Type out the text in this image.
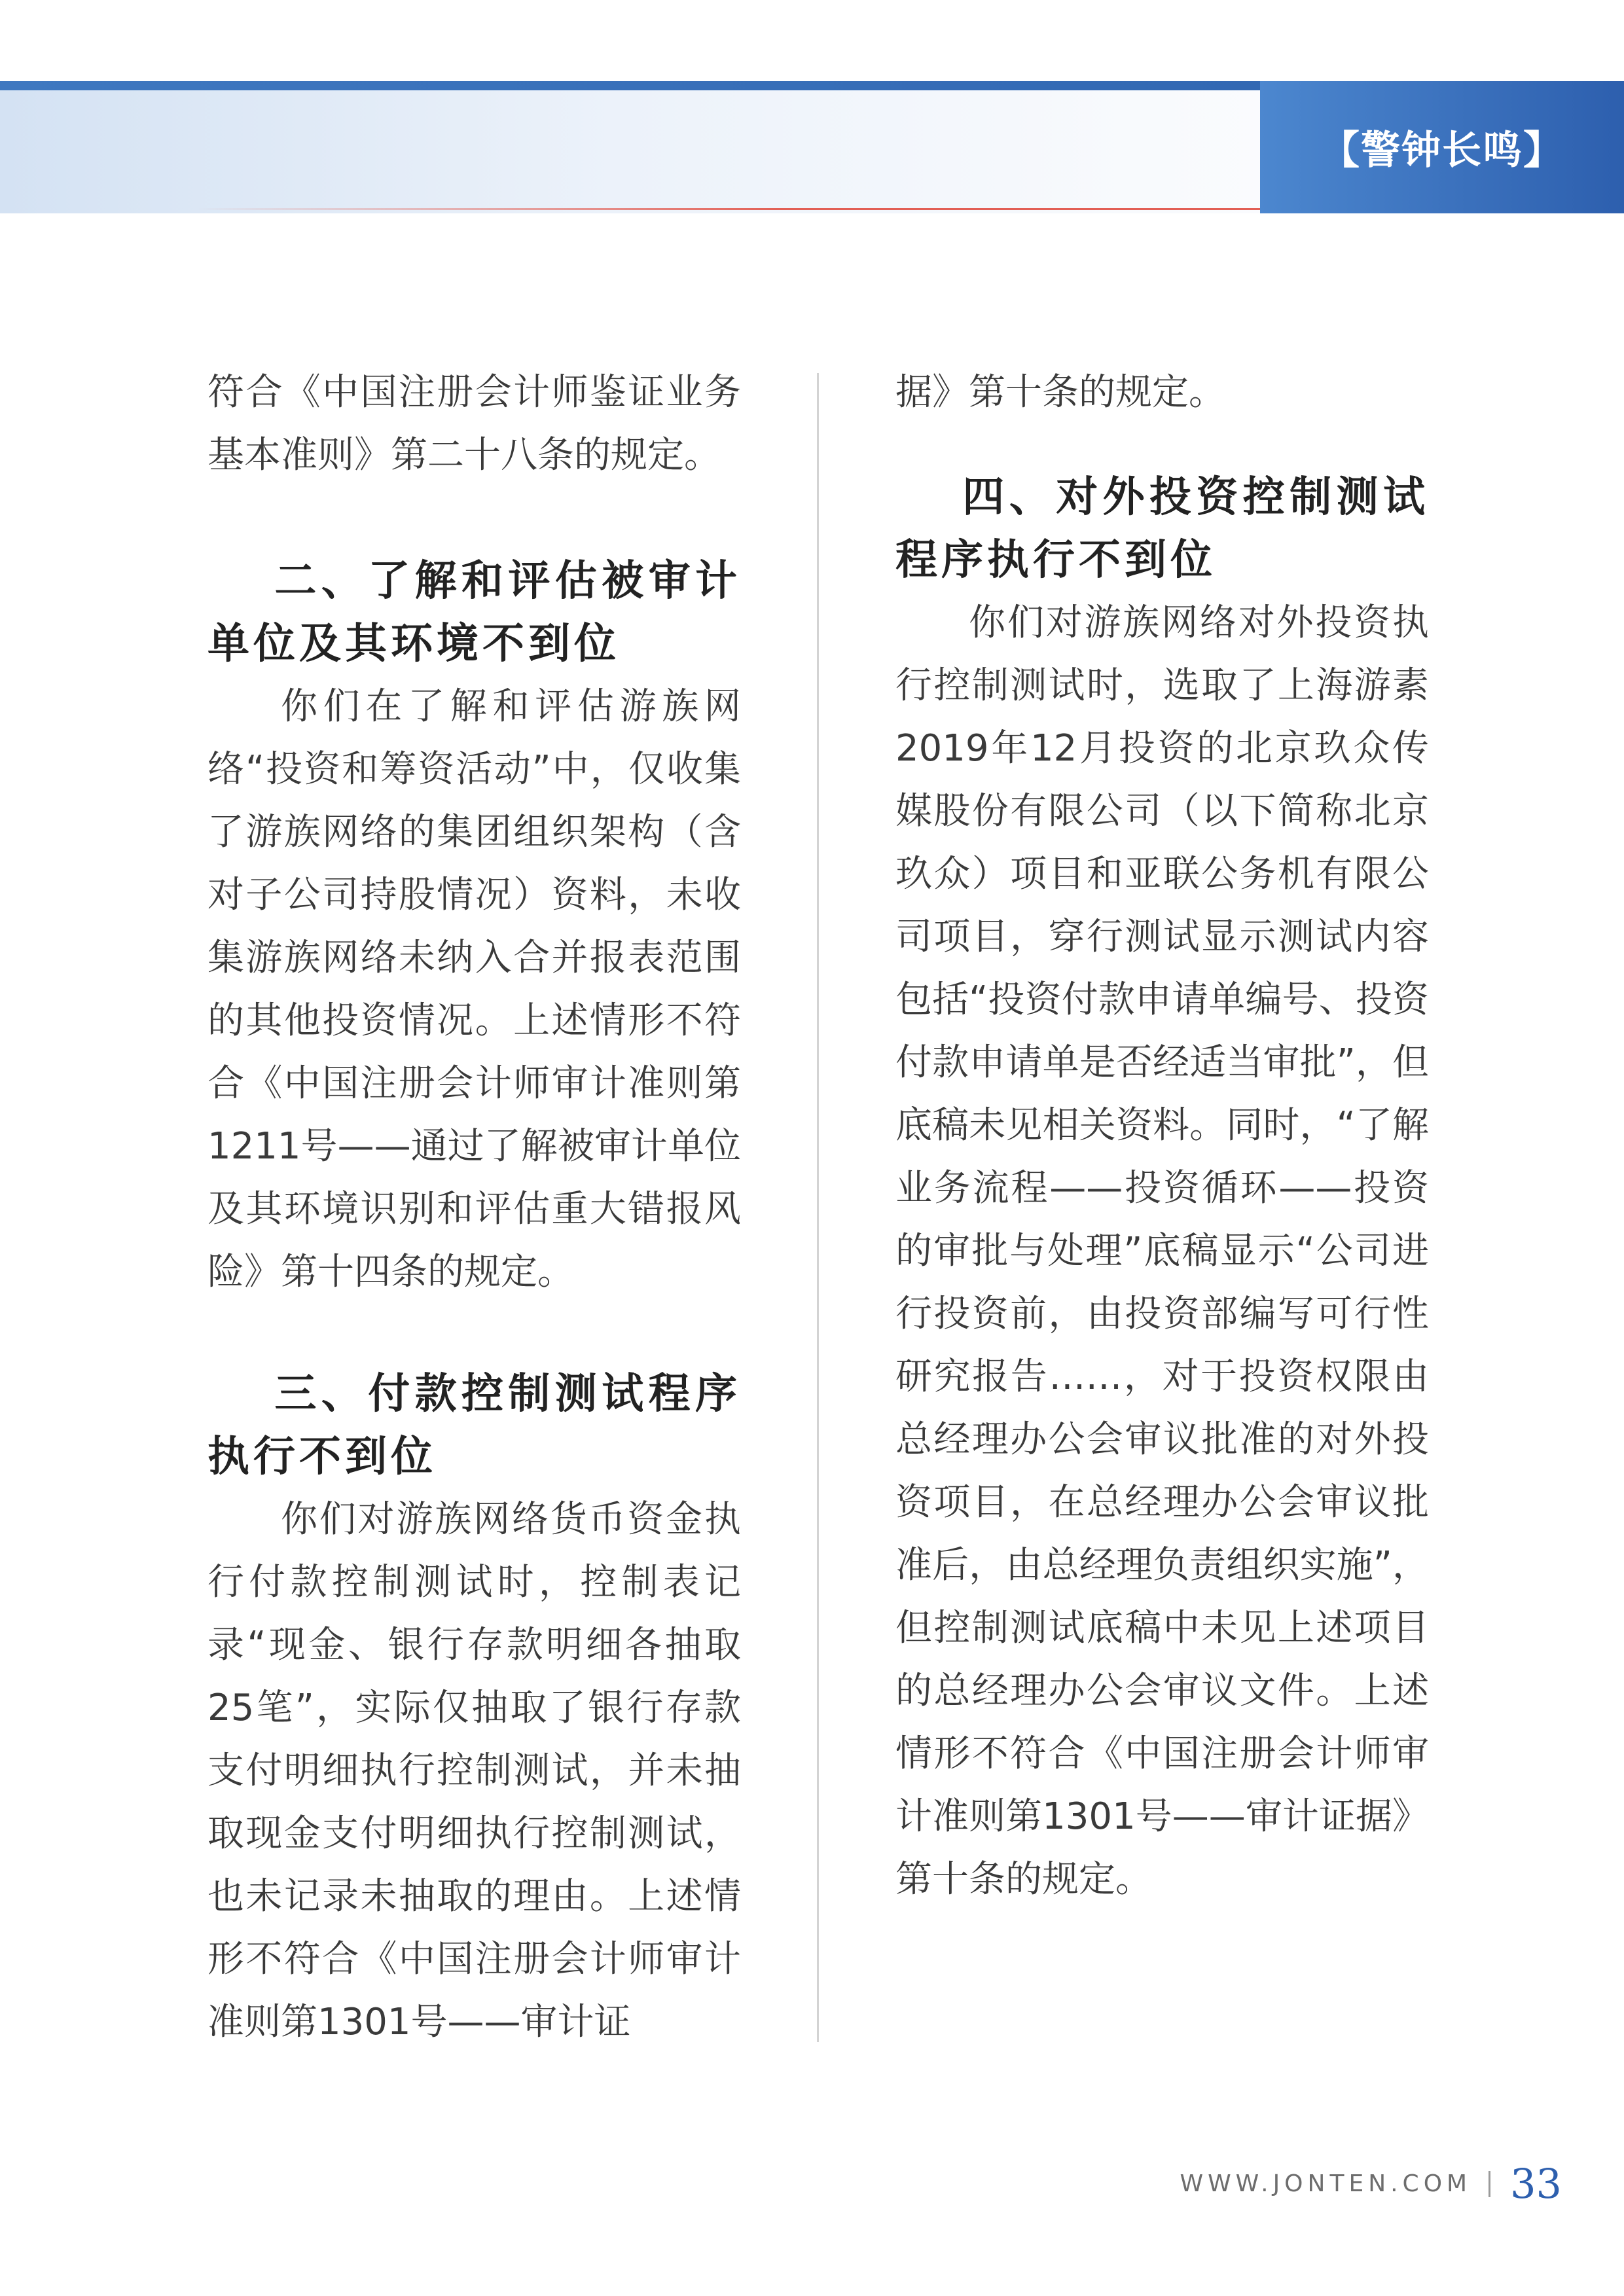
【警钟长鸣】

符合《中国注册会计师鉴证业务基本准则》第二十八条的规定。

二、了解和评估被审计单位及其环境不到位

你们在了解和评估游族网络“投资和筹资活动”中，仅收集了游族网络的集团组织架构（含对子公司持股情况）资料，未收集游族网络未纳入合并报表范围的其他投资情况。上述情形不符合《中国注册会计师审计准则第1211号——通过了解被审计单位及其环境识别和评估重大错报风险》第十四条的规定。

三、付款控制测试程序执行不到位

你们对游族网络货币资金执行付款控制测试时，控制表记录“现金、银行存款明细各抽取25笔”，实际仅抽取了银行存款支付明细执行控制测试，并未抽取现金支付明细执行控制测试，也未记录未抽取的理由。上述情形不符合《中国注册会计师审计准则第1301号——审计证

据》第十条的规定。

四、对外投资控制测试程序执行不到位

你们对游族网络对外投资执行控制测试时，选取了上海游素2019年12月投资的北京玖众传媒股份有限公司（以下简称北京玖众）项目和亚联公务机有限公司项目，穿行测试显示测试内容包括“投资付款申请单编号、投资付款申请单是否经适当审批”，但底稿未见相关资料。同时，“了解业务流程——投资循环——投资的审批与处理”底稿显示“公司进行投资前，由投资部编写可行性研究报告……，对于投资权限由总经理办公会审议批准的对外投资项目，在总经理办公会审议批准后，由总经理负责组织实施”，但控制测试底稿中未见上述项目的总经理办公会审议文件。上述情形不符合《中国注册会计师审计准则第1301号——审计证据》第十条的规定。

WWW.JONTEN.COM 33
